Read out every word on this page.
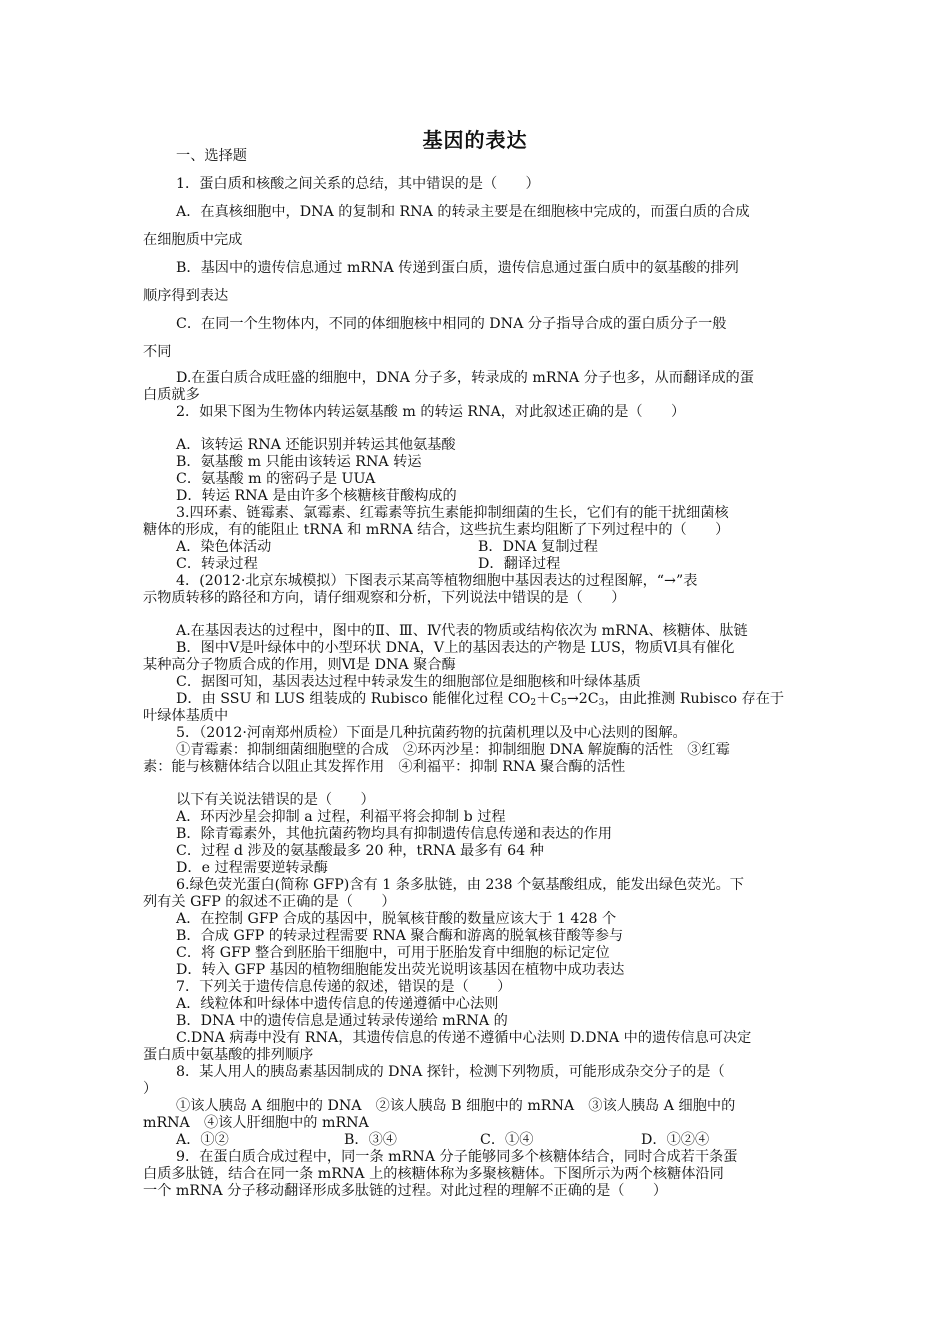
基因的表达
一、选择题
1．蛋白质和核酸之间关系的总结，其中错误的是（　　）
A．在真核细胞中，DNA 的复制和 RNA 的转录主要是在细胞核中完成的，而蛋白质的合成
在细胞质中完成
B．基因中的遗传信息通过 mRNA 传递到蛋白质，遗传信息通过蛋白质中的氨基酸的排列
顺序得到表达
C．在同一个生物体内，不同的体细胞核中相同的 DNA 分子指导合成的蛋白质分子一般
不同
D.在蛋白质合成旺盛的细胞中，DNA 分子多，转录成的 mRNA 分子也多，从而翻译成的蛋
白质就多
2．如果下图为生物体内转运氨基酸 m 的转运 RNA，对此叙述正确的是（　　）
A．该转运 RNA 还能识别并转运其他氨基酸
B．氨基酸 m 只能由该转运 RNA 转运
C．氨基酸 m 的密码子是 UUA
D．转运 RNA 是由许多个核糖核苷酸构成的
3.四环素、链霉素、氯霉素、红霉素等抗生素能抑制细菌的生长，它们有的能干扰细菌核
糖体的形成，有的能阻止 tRNA 和 mRNA 结合，这些抗生素均阻断了下列过程中的（　　）
A．染色体活动	B．DNA 复制过程
C．转录过程	D．翻译过程
4．(2012·北京东城模拟）下图表示某高等植物细胞中基因表达的过程图解，“→”表
示物质转移的路径和方向，请仔细观察和分析，下列说法中错误的是（　　）
A.在基因表达的过程中，图中的Ⅱ、Ⅲ、Ⅳ代表的物质或结构依次为 mRNA、核糖体、肽链
B．图中Ⅴ是叶绿体中的小型环状 DNA，Ⅴ上的基因表达的产物是 LUS，物质Ⅵ具有催化
某种高分子物质合成的作用，则Ⅵ是 DNA 聚合酶
C．据图可知，基因表达过程中转录发生的细胞部位是细胞核和叶绿体基质
D．由 SSU 和 LUS 组装成的 Rubisco 能催化过程 $CO_2+C_5\to 2C_3$，由此推测 Rubisco 存在于
叶绿体基质中
5．（2012·河南郑州质检）下面是几种抗菌药物的抗菌机理以及中心法则的图解。
①青霉素：抑制细菌细胞壁的合成　②环丙沙星：抑制细胞 DNA 解旋酶的活性　③红霉
素：能与核糖体结合以阻止其发挥作用　④利福平：抑制 RNA 聚合酶的活性
以下有关说法错误的是（　　）
A．环丙沙星会抑制 a 过程，利福平将会抑制 b 过程
B．除青霉素外，其他抗菌药物均具有抑制遗传信息传递和表达的作用
C．过程 d 涉及的氨基酸最多 20 种，tRNA 最多有 64 种
D．e 过程需要逆转录酶
6.绿色荧光蛋白(简称 GFP)含有 1 条多肽链，由 238 个氨基酸组成，能发出绿色荧光。下
列有关 GFP 的叙述不正确的是（　　）
A．在控制 GFP 合成的基因中，脱氧核苷酸的数量应该大于 1 428 个
B．合成 GFP 的转录过程需要 RNA 聚合酶和游离的脱氧核苷酸等参与
C．将 GFP 整合到胚胎干细胞中，可用于胚胎发育中细胞的标记定位
D．转入 GFP 基因的植物细胞能发出荧光说明该基因在植物中成功表达
7．下列关于遗传信息传递的叙述，错误的是（　　）
A．线粒体和叶绿体中遗传信息的传递遵循中心法则
B．DNA 中的遗传信息是通过转录传递给 mRNA 的
C.DNA 病毒中没有 RNA，其遗传信息的传递不遵循中心法则 D.DNA 中的遗传信息可决定
蛋白质中氨基酸的排列顺序
8．某人用人的胰岛素基因制成的 DNA 探针，检测下列物质，可能形成杂交分子的是（
）
①该人胰岛 A 细胞中的 DNA　②该人胰岛 B 细胞中的 mRNA　③该人胰岛 A 细胞中的
mRNA　④该人肝细胞中的 mRNA
A．①②	B．③④	C．①④	D．①②④
9．在蛋白质合成过程中，同一条 mRNA 分子能够同多个核糖体结合，同时合成若干条蛋
白质多肽链，结合在同一条 mRNA 上的核糖体称为多聚核糖体。下图所示为两个核糖体沿同
一个 mRNA 分子移动翻译形成多肽链的过程。对此过程的理解不正确的是（　　）
